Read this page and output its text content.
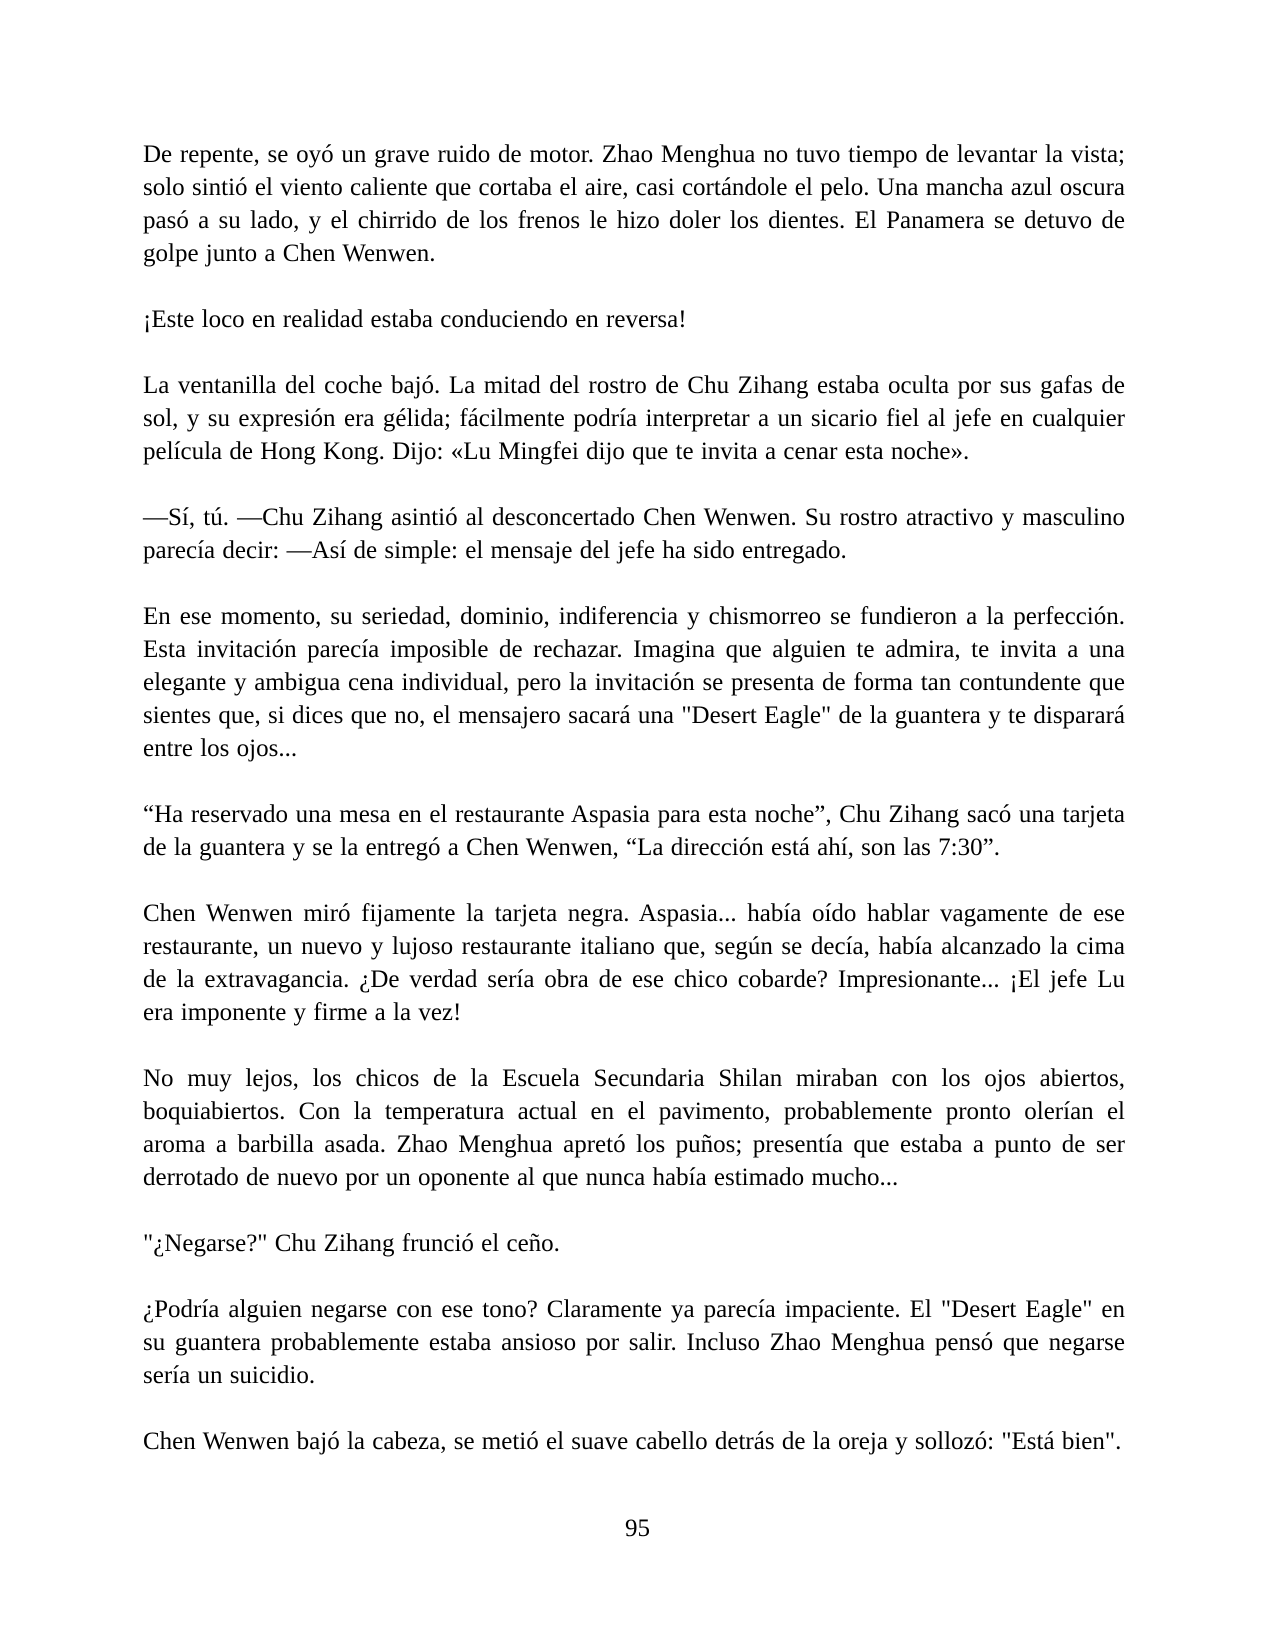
De repente, se oyó un grave ruido de motor. Zhao Menghua no tuvo tiempo de levantar la vista; solo sintió el viento caliente que cortaba el aire, casi cortándole el pelo. Una mancha azul oscura pasó a su lado, y el chirrido de los frenos le hizo doler los dientes. El Panamera se detuvo de golpe junto a Chen Wenwen.

¡Este loco en realidad estaba conduciendo en reversa!

La ventanilla del coche bajó. La mitad del rostro de Chu Zihang estaba oculta por sus gafas de sol, y su expresión era gélida; fácilmente podría interpretar a un sicario fiel al jefe en cualquier película de Hong Kong. Dijo: «Lu Mingfei dijo que te invita a cenar esta noche».

—Sí, tú. —Chu Zihang asintió al desconcertado Chen Wenwen. Su rostro atractivo y masculino parecía decir: —Así de simple: el mensaje del jefe ha sido entregado.

En ese momento, su seriedad, dominio, indiferencia y chismorreo se fundieron a la perfección. Esta invitación parecía imposible de rechazar. Imagina que alguien te admira, te invita a una elegante y ambigua cena individual, pero la invitación se presenta de forma tan contundente que sientes que, si dices que no, el mensajero sacará una "Desert Eagle" de la guantera y te disparará entre los ojos...

“Ha reservado una mesa en el restaurante Aspasia para esta noche”, Chu Zihang sacó una tarjeta de la guantera y se la entregó a Chen Wenwen, “La dirección está ahí, son las 7:30”.

Chen Wenwen miró fijamente la tarjeta negra. Aspasia... había oído hablar vagamente de ese restaurante, un nuevo y lujoso restaurante italiano que, según se decía, había alcanzado la cima de la extravagancia. ¿De verdad sería obra de ese chico cobarde? Impresionante... ¡El jefe Lu era imponente y firme a la vez!

No muy lejos, los chicos de la Escuela Secundaria Shilan miraban con los ojos abiertos, boquiabiertos. Con la temperatura actual en el pavimento, probablemente pronto olerían el aroma a barbilla asada. Zhao Menghua apretó los puños; presentía que estaba a punto de ser derrotado de nuevo por un oponente al que nunca había estimado mucho...

"¿Negarse?" Chu Zihang frunció el ceño.

¿Podría alguien negarse con ese tono? Claramente ya parecía impaciente. El "Desert Eagle" en su guantera probablemente estaba ansioso por salir. Incluso Zhao Menghua pensó que negarse sería un suicidio.

Chen Wenwen bajó la cabeza, se metió el suave cabello detrás de la oreja y sollozó: "Está bien".

95
